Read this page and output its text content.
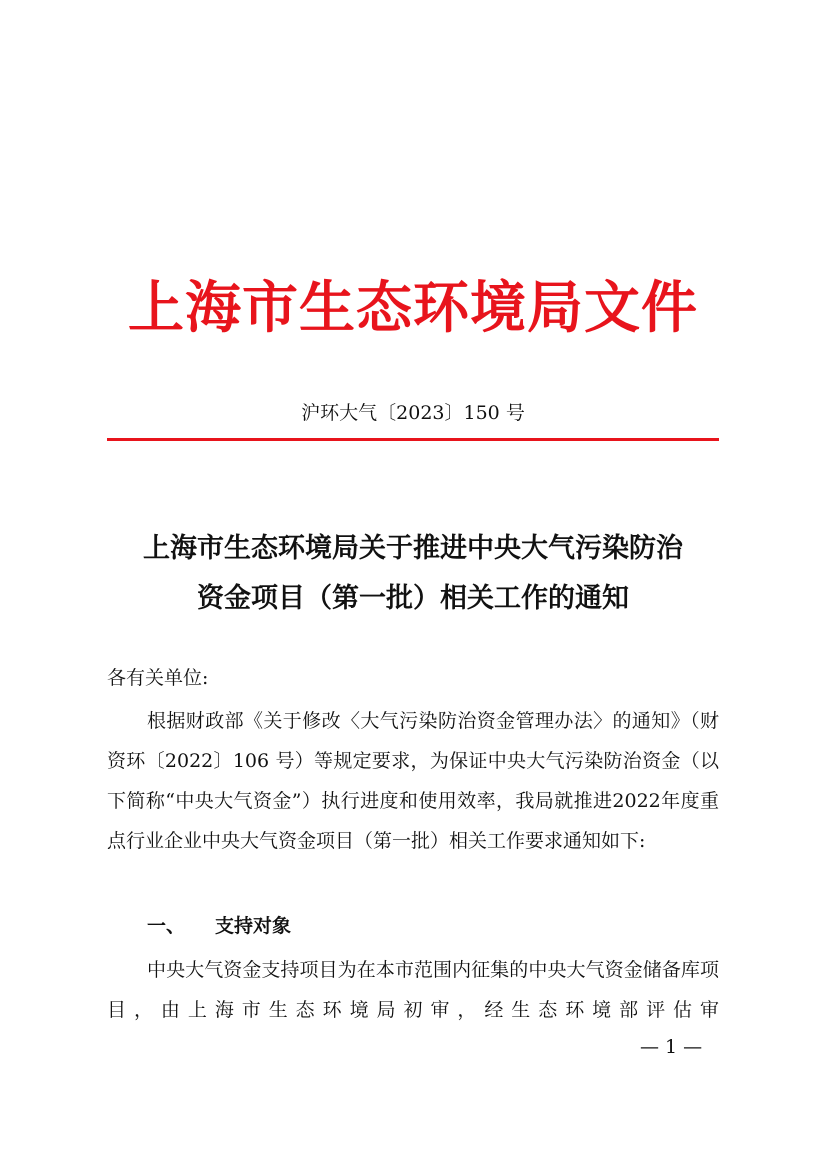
上海市生态环境局文件
沪环大气〔2023〕150 号
上海市生态环境局关于推进中央大气污染防治
资金项目（第一批）相关工作的通知
各有关单位:
根据财政部《关于修改〈大气污染防治资金管理办法〉的通知》（财资环〔2022〕106 号）等规定要求，为保证中央大气污染防治资金（以下简称“中央大气资金”）执行进度和使用效率，我局就推进2022年度重点行业企业中央大气资金项目（第一批）相关工作要求通知如下:
一、 支持对象
中央大气资金支持项目为在本市范围内征集的中央大气资金储备库项目，由上海市生态环境局初审，经生态环境部评估审
— 1 —
